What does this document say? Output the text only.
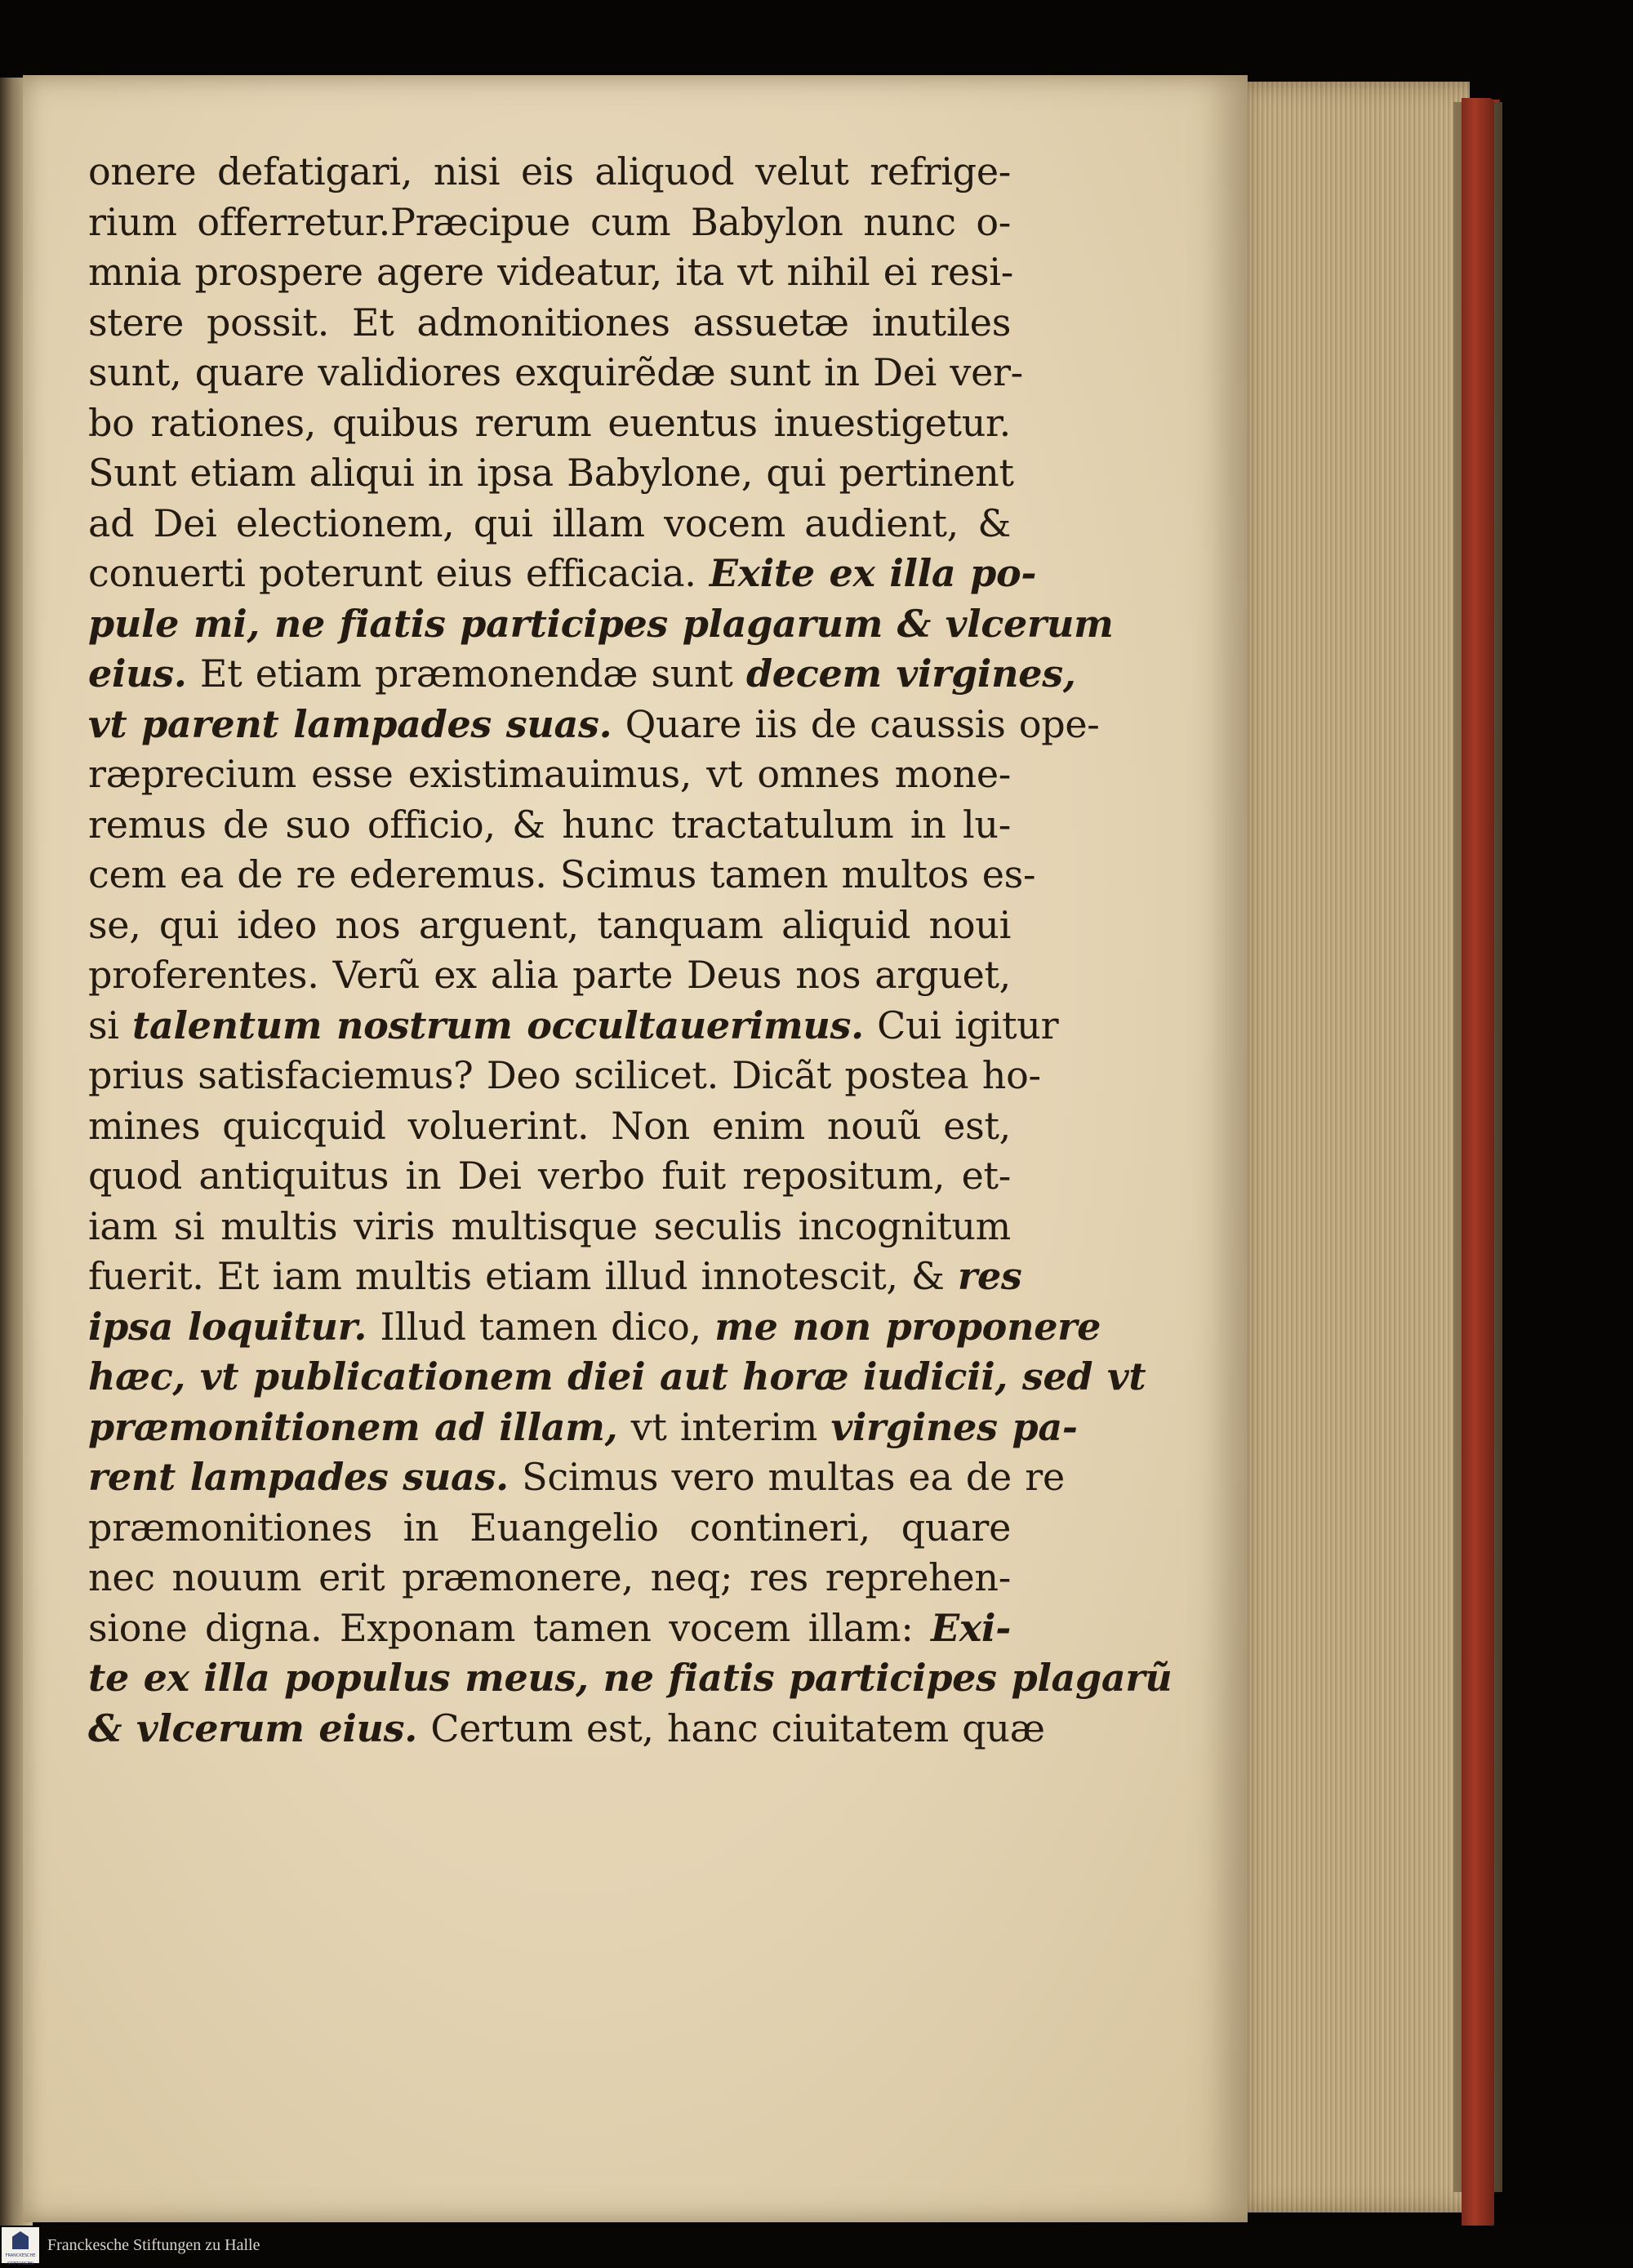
onere defatigari, nisi eis aliquod velut refrige-
rium offerretur.Præcipue cum Babylon nunc o-
mnia prospere agere videatur, ita vt nihil ei resi-
stere possit. Et admonitiones assuetæ inutiles
sunt, quare validiores exquirẽdæ sunt in Dei ver-
bo rationes, quibus rerum euentus inuestigetur.
Sunt etiam aliqui in ipsa Babylone, qui pertinent
ad Dei electionem, qui illam vocem audient, &
conuerti poterunt eius efficacia. Exite ex illa po-
pule mi, ne fiatis participes plagarum & vlcerum
eius. Et etiam præmonendæ sunt decem virgines,
vt parent lampades suas. Quare iis de caussis ope-
ræprecium esse existimauimus, vt omnes mone-
remus de suo officio, & hunc tractatulum in lu-
cem ea de re ederemus. Scimus tamen multos es-
se, qui ideo nos arguent, tanquam aliquid noui
proferentes. Verũ ex alia parte Deus nos arguet,
si talentum nostrum occultauerimus. Cui igitur
prius satisfaciemus? Deo scilicet. Dicãt postea ho-
mines quicquid voluerint. Non enim nouũ est,
quod antiquitus in Dei verbo fuit repositum, et-
iam si multis viris multisque seculis incognitum
fuerit. Et iam multis etiam illud innotescit, & res
ipsa loquitur. Illud tamen dico, me non proponere
hæc, vt publicationem diei aut horæ iudicii, sed vt
præmonitionem ad illam, vt interim virgines pa-
rent lampades suas. Scimus vero multas ea de re
præmonitiones in Euangelio contineri, quare
nec nouum erit præmonere, neq; res reprehen-
sione digna. Exponam tamen vocem illam: Exi-
te ex illa populus meus, ne fiatis participes plagarũ
& vlcerum eius. Certum est, hanc ciuitatem quæ
FRANCKESCHE STIFTUNGEN
Franckesche Stiftungen zu Halle
